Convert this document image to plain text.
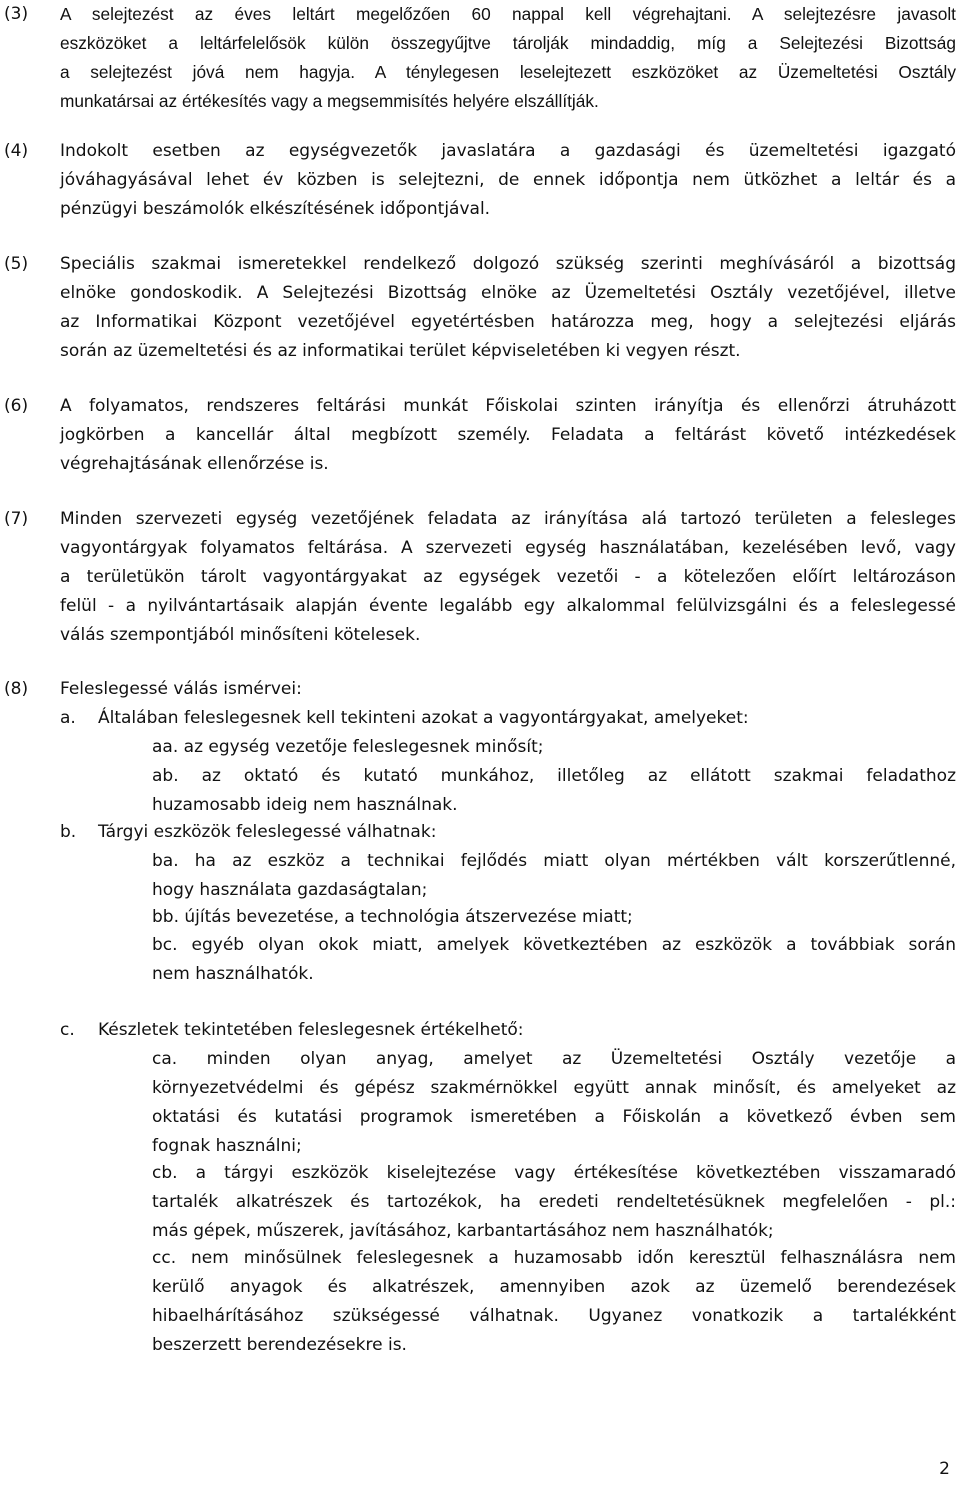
(3) A selejtezést az éves leltárt megelőzően 60 nappal kell végrehajtani. A selejtezésre javasolt
eszközöket a leltárfelelősök külön összegyűjtve tárolják mindaddig, míg a Selejtezési Bizottság
a selejtezést jóvá nem hagyja. A ténylegesen leselejtezett eszközöket az Üzemeltetési Osztály
munkatársai az értékesítés vagy a megsemmisítés helyére elszállítják.
(4) Indokolt esetben az egységvezetők javaslatára a gazdasági és üzemeltetési igazgató
jóváhagyásával lehet év közben is selejtezni, de ennek időpontja nem ütközhet a leltár és a
pénzügyi beszámolók elkészítésének időpontjával.
(5) Speciális szakmai ismeretekkel rendelkező dolgozó szükség szerinti meghívásáról a bizottság
elnöke gondoskodik. A Selejtezési Bizottság elnöke az Üzemeltetési Osztály vezetőjével, illetve
az Informatikai Központ vezetőjével egyetértésben határozza meg, hogy a selejtezési eljárás
során az üzemeltetési és az informatikai terület képviseletében ki vegyen részt.
(6) A folyamatos, rendszeres feltárási munkát Főiskolai szinten irányítja és ellenőrzi átruházott
jogkörben a kancellár által megbízott személy. Feladata a feltárást követő intézkedések
végrehajtásának ellenőrzése is.
(7) Minden szervezeti egység vezetőjének feladata az irányítása alá tartozó területen a felesleges
vagyontárgyak folyamatos feltárása. A szervezeti egység használatában, kezelésében levő, vagy
a területükön tárolt vagyontárgyakat az egységek vezetői - a kötelezően előírt leltározáson
felül - a nyilvántartásaik alapján évente legalább egy alkalommal felülvizsgálni és a feleslegessé
válás szempontjából minősíteni kötelesek.
(8) Feleslegessé válás ismérvei:
a. Általában feleslegesnek kell tekinteni azokat a vagyontárgyakat, amelyeket:
aa. az egység vezetője feleslegesnek minősít;
ab. az oktató és kutató munkához, illetőleg az ellátott szakmai feladathoz
huzamosabb ideig nem használnak.
b. Tárgyi eszközök feleslegessé válhatnak:
ba. ha az eszköz a technikai fejlődés miatt olyan mértékben vált korszerűtlenné,
hogy használata gazdaságtalan;
bb. újítás bevezetése, a technológia átszervezése miatt;
bc. egyéb olyan okok miatt, amelyek következtében az eszközök a továbbiak során
nem használhatók.
c. Készletek tekintetében feleslegesnek értékelhető:
ca. minden olyan anyag, amelyet az Üzemeltetési Osztály vezetője a
környezetvédelmi és gépész szakmérnökkel együtt annak minősít, és amelyeket az
oktatási és kutatási programok ismeretében a Főiskolán a következő évben sem
fognak használni;
cb. a tárgyi eszközök kiselejtezése vagy értékesítése következtében visszamaradó
tartalék alkatrészek és tartozékok, ha eredeti rendeltetésüknek megfelelően - pl.:
más gépek, műszerek, javításához, karbantartásához nem használhatók;
cc. nem minősülnek feleslegesnek a huzamosabb időn keresztül felhasználásra nem
kerülő anyagok és alkatrészek, amennyiben azok az üzemelő berendezések
hibaelhárításához szükségessé válhatnak. Ugyanez vonatkozik a tartalékként
beszerzett berendezésekre is.
2
